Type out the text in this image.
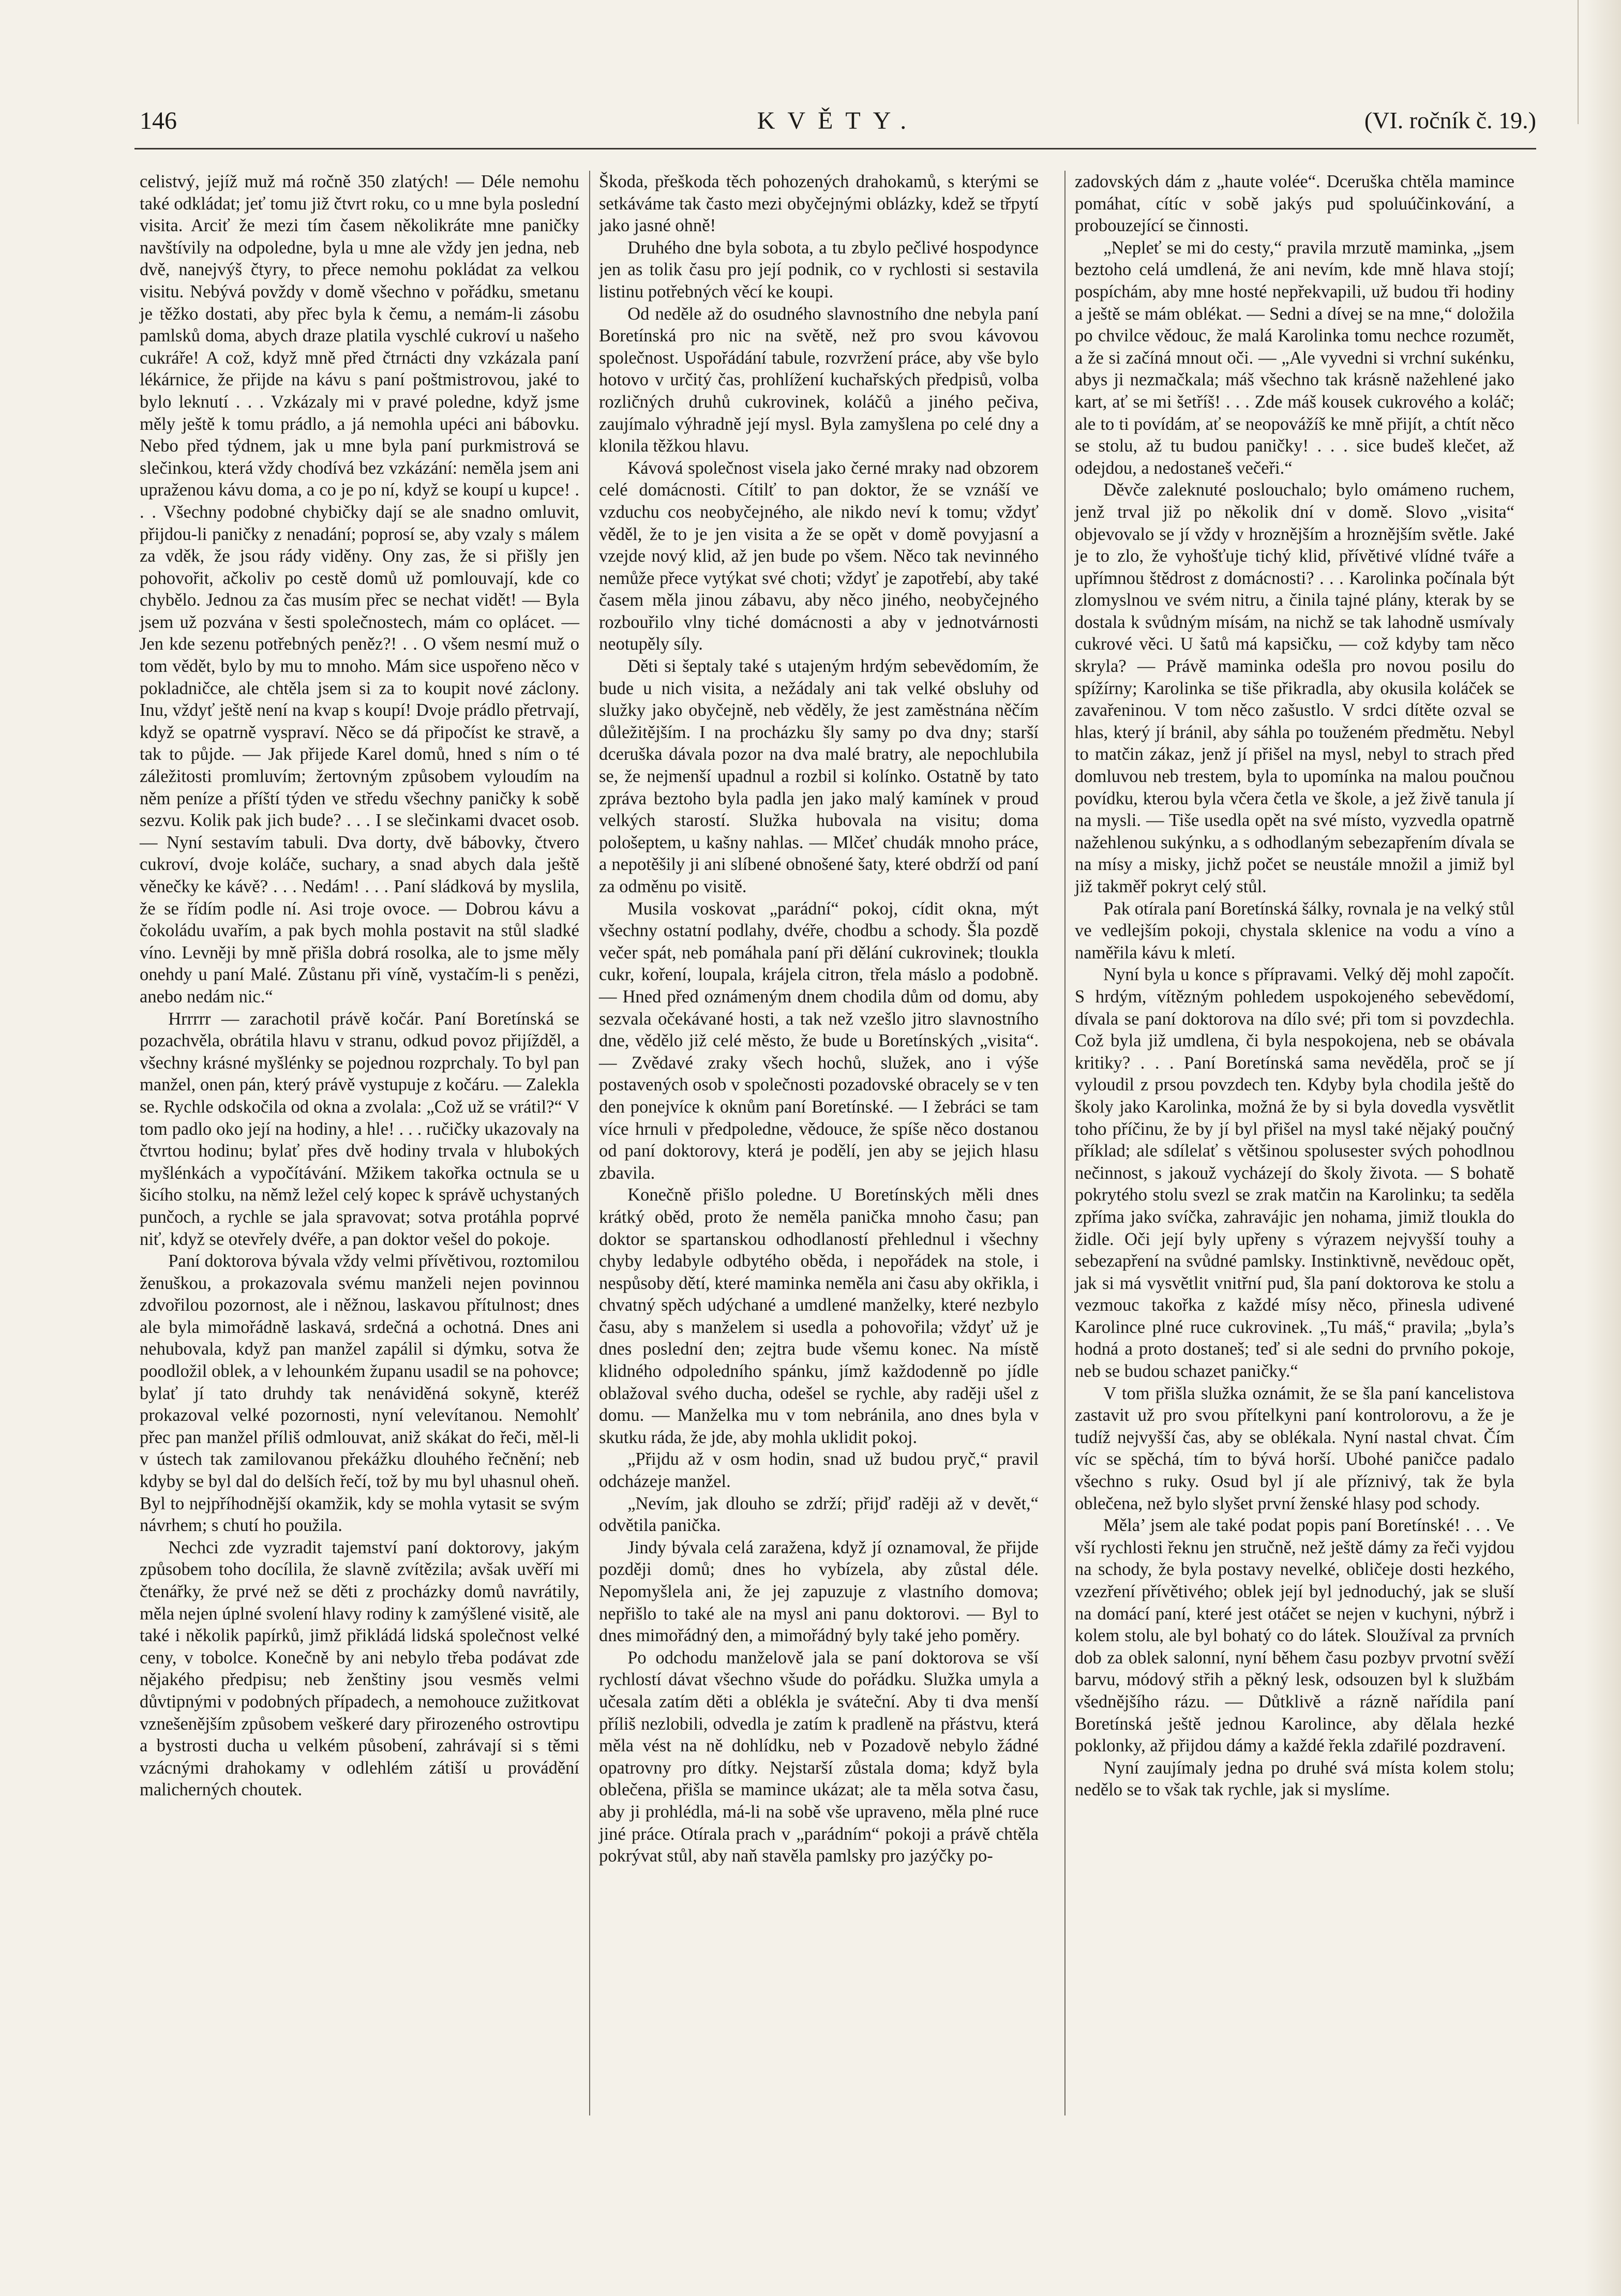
146	KVĚTY.	(VI. ročník č. 19.)

celistvý, jejíž muž má ročně 350 zlatých! — Déle nemohu také odkládat; jeť tomu již čtvrt roku, co u mne byla poslední visita. Arciť že mezi tím časem několikráte mne paničky navštívily na odpoledne, byla u mne ale vždy jen jedna, neb dvě, nanejvýš čtyry, to přece nemohu pokládat za velkou visitu. Nebývá povždy v domě všechno v pořádku, smetanu je těžko dostati, aby přec byla k čemu, a nemám-li zásobu pamlsků doma, abych draze platila vyschlé cukroví u našeho cukráře! A což, když mně před čtrnácti dny vzkázala paní lékárnice, že přijde na kávu s paní poštmistrovou, jaké to bylo leknutí . . . Vzkázaly mi v pravé poledne, když jsme měly ještě k tomu prádlo, a já nemohla upéci ani bábovku. Nebo před týdnem, jak u mne byla paní purkmistrová se slečinkou, která vždy chodívá bez vzkázání: neměla jsem ani upraženou kávu doma, a co je po ní, když se koupí u kupce! . . . Všechny podobné chybičky dají se ale snadno omluvit, přijdou-li paničky z nenadání; poprosí se, aby vzaly s málem za vděk, že jsou rády viděny. Ony zas, že si přišly jen pohovořit, ačkoliv po cestě domů už pomlouvají, kde co chybělo. Jednou za čas musím přec se nechat vidět! — Byla jsem už pozvána v šesti společnostech, mám co oplácet. — Jen kde sezenu potřebných peněz?! . . O všem nesmí muž o tom vědět, bylo by mu to mnoho. Mám sice uspořeno něco v pokladničce, ale chtěla jsem si za to koupit nové záclony. Inu, vždyť ještě není na kvap s koupí! Dvoje prádlo přetrvají, když se opatrně vyspraví. Něco se dá připočíst ke stravě, a tak to půjde. — Jak přijede Karel domů, hned s ním o té záležitosti promluvím; žertovným způsobem vyloudím na něm peníze a příští týden ve středu všechny paničky k sobě sezvu. Kolik pak jich bude? . . . I se slečinkami dvacet osob. — Nyní sestavím tabuli. Dva dorty, dvě bábovky, čtvero cukroví, dvoje koláče, suchary, a snad abych dala ještě věnečky ke kávě? . . . Nedám! . . . Paní sládková by myslila, že se řídím podle ní. Asi troje ovoce. — Dobrou kávu a čokoládu uvařím, a pak bych mohla postavit na stůl sladké víno. Levněji by mně přišla dobrá rosolka, ale to jsme měly onehdy u paní Malé. Zůstanu při víně, vystačím-li s penězi, anebo nedám nic.“

Hrrrrr — zarachotil právě kočár. Paní Boretínská se pozachvěla, obrátila hlavu v stranu, odkud povoz přijížděl, a všechny krásné myšlénky se pojednou rozprchaly. To byl pan manžel, onen pán, který právě vystupuje z kočáru. — Zalekla se. Rychle odskočila od okna a zvolala: „Což už se vrátil?“ V tom padlo oko její na hodiny, a hle! . . . ručičky ukazovaly na čtvrtou hodinu; bylať přes dvě hodiny trvala v hlubokých myšlénkách a vypočítávání. Mžikem takořka octnula se u šicího stolku, na němž ležel celý kopec k správě uchystaných punčoch, a rychle se jala spravovat; sotva protáhla poprvé niť, když se otevřely dvéře, a pan doktor vešel do pokoje.

Paní doktorova bývala vždy velmi přívětivou, roztomilou ženuškou, a prokazovala svému manželi nejen povinnou zdvořilou pozornost, ale i něžnou, laskavou přítulnost; dnes ale byla mimořádně laskavá, srdečná a ochotná. Dnes ani nehubovala, když pan manžel zapálil si dýmku, sotva že poodložil oblek, a v lehounkém županu usadil se na pohovce; bylať jí tato druhdy tak nenáviděná sokyně, kteréž prokazoval velké pozornosti, nyní velevítanou. Nemohlť přec pan manžel příliš odmlouvat, aniž skákat do řeči, měl-li v ústech tak zamilovanou překážku dlouhého řečnění; neb kdyby se byl dal do delších řečí, tož by mu byl uhasnul oheň. Byl to nejpříhodnější okamžik, kdy se mohla vytasit se svým návrhem; s chutí ho použila.

Nechci zde vyzradit tajemství paní doktorovy, jakým způsobem toho docílila, že slavně zvítězila; avšak uvěří mi čtenářky, že prvé než se děti z procházky domů navrátily, měla nejen úplné svolení hlavy rodiny k zamýšlené visitě, ale také i několik papírků, jimž přikládá lidská společnost velké ceny, v tobolce. Konečně by ani nebylo třeba podávat zde nějakého předpisu; neb ženštiny jsou vesměs velmi důvtipnými v podobných případech, a nemohouce zužitkovat vznešenějším způsobem veškeré dary přirozeného ostrovtipu a bystrosti ducha u velkém působení, zahrávají si s těmi vzácnými drahokamy v odlehlém zátiší u provádění malicherných choutek.

Škoda, přeškoda těch pohozených drahokamů, s kterými se setkáváme tak často mezi obyčejnými oblázky, kdež se třpytí jako jasné ohně!

Druhého dne byla sobota, a tu zbylo pečlivé hospodynce jen as tolik času pro její podnik, co v rychlosti si sestavila listinu potřebných věcí ke koupi.

Od neděle až do osudného slavnostního dne nebyla paní Boretínská pro nic na světě, než pro svou kávovou společnost. Uspořádání tabule, rozvržení práce, aby vše bylo hotovo v určitý čas, prohlížení kuchařských předpisů, volba rozličných druhů cukrovinek, koláčů a jiného pečiva, zaujímalo výhradně její mysl. Byla zamyšlena po celé dny a klonila těžkou hlavu.

Kávová společnost visela jako černé mraky nad obzorem celé domácnosti. Cítilť to pan doktor, že se vznáší ve vzduchu cos neobyčejného, ale nikdo neví k tomu; vždyť věděl, že to je jen visita a že se opět v domě povyjasní a vzejde nový klid, až jen bude po všem. Něco tak nevinného nemůže přece vytýkat své choti; vždyť je zapotřebí, aby také časem měla jinou zábavu, aby něco jiného, neobyčejného rozbouřilo vlny tiché domácnosti a aby v jednotvárnosti neotupěly síly.

Děti si šeptaly také s utajeným hrdým sebevědomím, že bude u nich visita, a nežádaly ani tak velké obsluhy od služky jako obyčejně, neb věděly, že jest zaměstnána něčím důležitějším. I na procházku šly samy po dva dny; starší dceruška dávala pozor na dva malé bratry, ale nepochlubila se, že nejmenší upadnul a rozbil si kolínko. Ostatně by tato zpráva beztoho byla padla jen jako malý kamínek v proud velkých starostí. Služka hubovala na visitu; doma pološeptem, u kašny nahlas. — Mlčeť chudák mnoho práce, a nepotěšily ji ani slíbené obnošené šaty, které obdrží od paní za odměnu po visitě.

Musila voskovat „parádní“ pokoj, cídit okna, mýt všechny ostatní podlahy, dvéře, chodbu a schody. Šla pozdě večer spát, neb pomáhala paní při dělání cukrovinek; tloukla cukr, koření, loupala, krájela citron, třela máslo a podobně. — Hned před oznámeným dnem chodila dům od domu, aby sezvala očekávané hosti, a tak než vzešlo jitro slavnostního dne, vědělo již celé město, že bude u Boretínských „visita“. — Zvědavé zraky všech hochů, služek, ano i výše postavených osob v společnosti pozadovské obracely se v ten den ponejvíce k oknům paní Boretínské. — I žebráci se tam více hrnuli v předpoledne, vědouce, že spíše něco dostanou od paní doktorovy, která je podělí, jen aby se jejich hlasu zbavila.

Konečně přišlo poledne. U Boretínských měli dnes krátký oběd, proto že neměla panička mnoho času; pan doktor se spartanskou odhodlaností přehlednul i všechny chyby ledabyle odbytého oběda, i nepořádek na stole, i nespůsoby dětí, které maminka neměla ani času aby okřikla, i chvatný spěch udýchané a umdlené manželky, které nezbylo času, aby s manželem si usedla a pohovořila; vždyť už je dnes poslední den; zejtra bude všemu konec. Na místě klidného odpoledního spánku, jímž každodenně po jídle oblažoval svého ducha, odešel se rychle, aby raději ušel z domu. — Manželka mu v tom nebránila, ano dnes byla v skutku ráda, že jde, aby mohla uklidit pokoj.

„Přijdu až v osm hodin, snad už budou pryč,“ pravil odcházeje manžel.

„Nevím, jak dlouho se zdrží; přijď raději až v devět,“ odvětila panička.

Jindy bývala celá zaražena, když jí oznamoval, že přijde později domů; dnes ho vybízela, aby zůstal déle. Nepomyšlela ani, že jej zapuzuje z vlastního domova; nepřišlo to také ale na mysl ani panu doktorovi. — Byl to dnes mimořádný den, a mimořádný byly také jeho poměry.

Po odchodu manželově jala se paní doktorova se vší rychlostí dávat všechno všude do pořádku. Služka umyla a učesala zatím děti a oblékla je sváteční. Aby ti dva menší příliš nezlobili, odvedla je zatím k pradleně na přástvu, která měla vést na ně dohlídku, neb v Pozadově nebylo žádné opatrovny pro dítky. Nejstarší zůstala doma; když byla oblečena, přišla se mamince ukázat; ale ta měla sotva času, aby ji prohlédla, má-li na sobě vše upraveno, měla plné ruce jiné práce. Otírala prach v „parádním“ pokoji a právě chtěla pokrývat stůl, aby naň stavěla pamlsky pro jazýčky po-

zadovských dám z „haute volée“. Dceruška chtěla mamince pomáhat, cítíc v sobě jakýs pud spoluúčinkování, a probouzející se činnosti.

„Nepleť se mi do cesty,“ pravila mrzutě maminka, „jsem beztoho celá umdlená, že ani nevím, kde mně hlava stojí; pospíchám, aby mne hosté nepřekvapili, už budou tři hodiny a ještě se mám oblékat. — Sedni a dívej se na mne,“ doložila po chvilce vědouc, že malá Karolinka tomu nechce rozumět, a že si začíná mnout oči. — „Ale vyvedni si vrchní sukénku, abys ji nezmačkala; máš všechno tak krásně nažehlené jako kart, ať se mi šetříš! . . . Zde máš kousek cukrového a koláč; ale to ti povídám, ať se neopovážíš ke mně přijít, a chtít něco se stolu, až tu budou paničky! . . . sice budeš klečet, až odejdou, a nedostaneš večeři.“

Děvče zaleknuté poslouchalo; bylo omámeno ruchem, jenž trval již po několik dní v domě. Slovo „visita“ objevovalo se jí vždy v hroznějším a hroznějším světle. Jaké je to zlo, že vyhošťuje tichý klid, přívětivé vlídné tváře a upřímnou štědrost z domácnosti? . . . Karolinka počínala být zlomyslnou ve svém nitru, a činila tajné plány, kterak by se dostala k svůdným mísám, na nichž se tak lahodně usmívaly cukrové věci. U šatů má kapsičku, — což kdyby tam něco skryla? — Právě maminka odešla pro novou posilu do spížírny; Karolinka se tiše přikradla, aby okusila koláček se zavařeninou. V tom něco zašustlo. V srdci dítěte ozval se hlas, který jí bránil, aby sáhla po touženém předmětu. Nebyl to matčin zákaz, jenž jí přišel na mysl, nebyl to strach před domluvou neb trestem, byla to upomínka na malou poučnou povídku, kterou byla včera četla ve škole, a jež živě tanula jí na mysli. — Tiše usedla opět na své místo, vyzvedla opatrně nažehlenou sukýnku, a s odhodlaným sebezapřením dívala se na mísy a misky, jichž počet se neustále množil a jimiž byl již takměř pokryt celý stůl.

Pak otírala paní Boretínská šálky, rovnala je na velký stůl ve vedlejším pokoji, chystala sklenice na vodu a víno a naměřila kávu k mletí.

Nyní byla u konce s přípravami. Velký děj mohl započít. S hrdým, vítězným pohledem uspokojeného sebevědomí, dívala se paní doktorova na dílo své; při tom si povzdechla. Což byla již umdlena, či byla nespokojena, neb se obávala kritiky? . . . Paní Boretínská sama nevěděla, proč se jí vyloudil z prsou povzdech ten. Kdyby byla chodila ještě do školy jako Karolinka, možná že by si byla dovedla vysvětlit toho příčinu, že by jí byl přišel na mysl také nějaký poučný příklad; ale sdílelať s většinou spolusester svých pohodlnou nečinnost, s jakouž vycházejí do školy života. — S bohatě pokrytého stolu svezl se zrak matčin na Karolinku; ta seděla zpříma jako svíčka, zahravájic jen nohama, jimiž tloukla do židle. Oči její byly upřeny s výrazem nejvyšší touhy a sebezapření na svůdné pamlsky. Instinktivně, nevědouc opět, jak si má vysvětlit vnitřní pud, šla paní doktorova ke stolu a vezmouc takořka z každé mísy něco, přinesla udivené Karolince plné ruce cukrovinek. „Tu máš,“ pravila; „byla’s hodná a proto dostaneš; teď si ale sedni do prvního pokoje, neb se budou schazet paničky.“

V tom přišla služka oznámit, že se šla paní kancelistova zastavit už pro svou přítelkyni paní kontrolorovu, a že je tudíž nejvyšší čas, aby se oblékala. Nyní nastal chvat. Čím víc se spěchá, tím to bývá horší. Ubohé paničce padalo všechno s ruky. Osud byl jí ale příznivý, tak že byla oblečena, než bylo slyšet první ženské hlasy pod schody.

Měla’ jsem ale také podat popis paní Boretínské! . . . Ve vší rychlosti řeknu jen stručně, než ještě dámy za řeči vyjdou na schody, že byla postavy nevelké, obličeje dosti hezkého, vzezření přívětivého; oblek její byl jednoduchý, jak se sluší na domácí paní, které jest otáčet se nejen v kuchyni, nýbrž i kolem stolu, ale byl bohatý co do látek. Sloužíval za prvních dob za oblek salonní, nyní během času pozbyv prvotní svěží barvu, módový střih a pěkný lesk, odsouzen byl k službám všednějšího rázu. — Důtklivě a rázně nařídila paní Boretínská ještě jednou Karolince, aby dělala hezké poklonky, až přijdou dámy a každé řekla zdařilé pozdravení.

Nyní zaujímaly jedna po druhé svá místa kolem stolu; nedělo se to však tak rychle, jak si myslíme.
